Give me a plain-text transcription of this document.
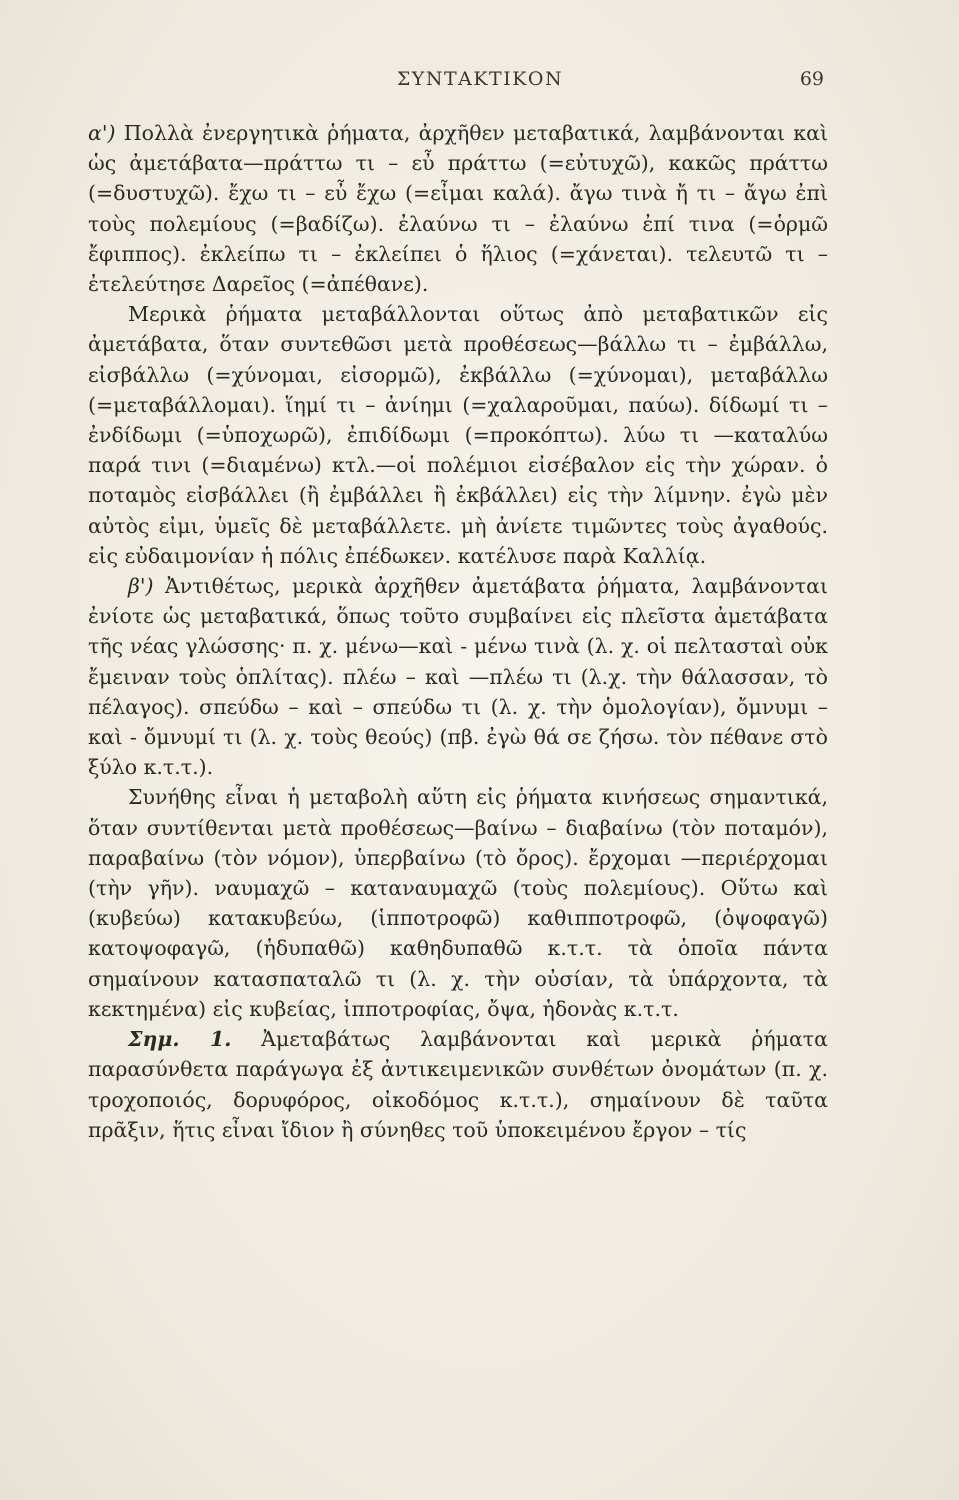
ΣΥΝΤΑΚΤΙΚΟΝ	69

α') Πολλὰ ἐνεργητικὰ ῥήματα, ἀρχῆθεν μεταβατικά, λαμβάνονται καὶ ὡς ἀμετάβατα—πράττω τι – εὖ πράττω (=εὐτυχῶ), κακῶς πράττω (=δυστυχῶ). ἔχω τι – εὖ ἔχω (=εἶμαι καλά). ἄγω τινὰ ἤ τι – ἄγω ἐπὶ τοὺς πολεμίους (=βαδίζω). ἐλαύνω τι – ἐλαύνω ἐπί τινα (=ὁρμῶ ἔφιππος). ἐκλείπω τι – ἐκλείπει ὁ ἥλιος (=χάνεται). τελευτῶ τι – ἐτελεύτησε Δαρεῖος (=ἀπέθανε).

Μερικὰ ῥήματα μεταβάλλονται οὕτως ἀπὸ μεταβατικῶν εἰς ἀμετάβατα, ὅταν συντεθῶσι μετὰ προθέσεως—βάλλω τι – ἐμβάλλω, εἰσβάλλω (=χύνομαι, εἰσορμῶ), ἐκβάλλω (=χύνομαι), μεταβάλλω (=μεταβάλλομαι). ἵημί τι – ἀνίημι (=χαλαροῦμαι, παύω). δίδωμί τι – ἐνδίδωμι (=ὑποχωρῶ), ἐπιδίδωμι (=προκόπτω). λύω τι —καταλύω παρά τινι (=διαμένω) κτλ.—οἱ πολέμιοι εἰσέβαλον εἰς τὴν χώραν. ὁ ποταμὸς εἰσβάλλει (ἢ ἐμβάλλει ἢ ἐκβάλλει) εἰς τὴν λίμνην. ἐγὼ μὲν αὐτὸς εἰμι, ὑμεῖς δὲ μεταβάλλετε. μὴ ἀνίετε τιμῶντες τοὺς ἀγαθούς. εἰς εὐδαιμονίαν ἡ πόλις ἐπέδωκεν. κατέλυσε παρὰ Καλλίᾳ.

β') Ἀντιθέτως, μερικὰ ἀρχῆθεν ἀμετάβατα ῥήματα, λαμβάνονται ἐνίοτε ὡς μεταβατικά, ὅπως τοῦτο συμβαίνει εἰς πλεῖστα ἀμετάβατα τῆς νέας γλώσσης· π. χ. μένω—καὶ - μένω τινὰ (λ. χ. οἱ πελτασταὶ οὐκ ἔμειναν τοὺς ὁπλίτας). πλέω – καὶ —πλέω τι (λ.χ. τὴν θάλασσαν, τὸ πέλαγος). σπεύδω – καὶ – σπεύδω τι (λ. χ. τὴν ὁμολογίαν), ὄμνυμι – καὶ - ὄμνυμί τι (λ. χ. τοὺς θεούς) (πβ. ἐγὼ θά σε ζήσω. τὸν πέθανε στὸ ξύλο κ.τ.τ.).

Συνήθης εἶναι ἡ μεταβολὴ αὕτη εἰς ῥήματα κινήσεως σημαντικά, ὅταν συντίθενται μετὰ προθέσεως—βαίνω – διαβαίνω (τὸν ποταμόν), παραβαίνω (τὸν νόμον), ὑπερβαίνω (τὸ ὄρος). ἔρχομαι —περιέρχομαι (τὴν γῆν). ναυμαχῶ – καταναυμαχῶ (τοὺς πολεμίους). Οὕτω καὶ (κυβεύω) κατακυβεύω, (ἱπποτροφῶ) καθιπποτροφῶ, (ὀψοφαγῶ) κατοψοφαγῶ, (ἡδυπαθῶ) καθηδυπαθῶ κ.τ.τ. τὰ ὁποῖα πάντα σημαίνουν κατασπαταλῶ τι (λ. χ. τὴν οὐσίαν, τὰ ὑπάρχοντα, τὰ κεκτημένα) εἰς κυβείας, ἱπποτροφίας, ὄψα, ἡδονὰς κ.τ.τ.

Σημ. 1. Ἀμεταβάτως λαμβάνονται καὶ μερικὰ ῥήματα παρασύνθετα παράγωγα ἐξ ἀντικειμενικῶν συνθέτων ὀνομάτων (π. χ. τροχοποιός, δορυφόρος, οἰκοδόμος κ.τ.τ.), σημαίνουν δὲ ταῦτα πρᾶξιν, ἥτις εἶναι ἴδιον ἢ σύνηθες τοῦ ὑποκειμένου ἔργον – τίς
